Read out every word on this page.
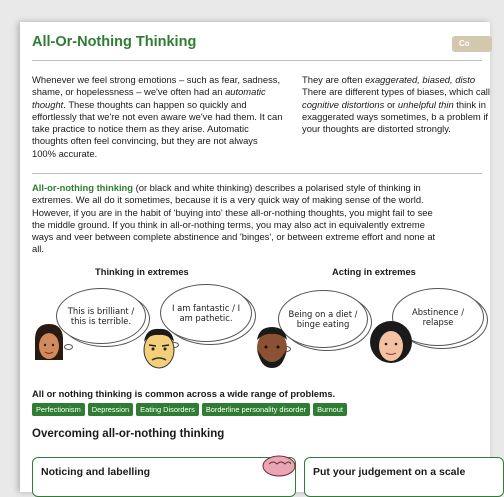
All-Or-Nothing Thinking	Co
Whenever we feel strong emotions – such as fear, sadness, shame, or hopelessness – we've often had an automatic thought. These thoughts can happen so quickly and effortlessly that we're not even aware we've had them. It can take practice to notice them as they arise. Automatic thoughts often feel convincing, but they are not always 100% accurate.
They are often exaggerated, biased, disto There are different types of biases, which call cognitive distortions or unhelpful thin think in exaggerated ways sometimes, b a problem if your thoughts are distorted strongly.
All-or-nothing thinking (or black and white thinking) describes a polarised style of thinking in extremes. We all do it sometimes, because it is a very quick way of making sense of the world. However, if you are in the habit of 'buying into' these all-or-nothing thoughts, you might fail to see the middle ground. If you think in all-or-nothing terms, you may also act in equivalently extreme ways and veer between complete abstinence and 'binges', or between extreme effort and none at all.
Thinking in extremes	Acting in extremes
This is brilliant / this is terrible.
I am fantastic / I am pathetic.	Being on a diet / binge eating
Abstinence / relapse
All or nothing thinking is common across a wide range of problems.
Perfectionism	Depression	Eating Disorders	Borderline personality disorder	Burnout
Overcoming all-or-nothing thinking
Noticing and labelling	Put your judgement on a scale
